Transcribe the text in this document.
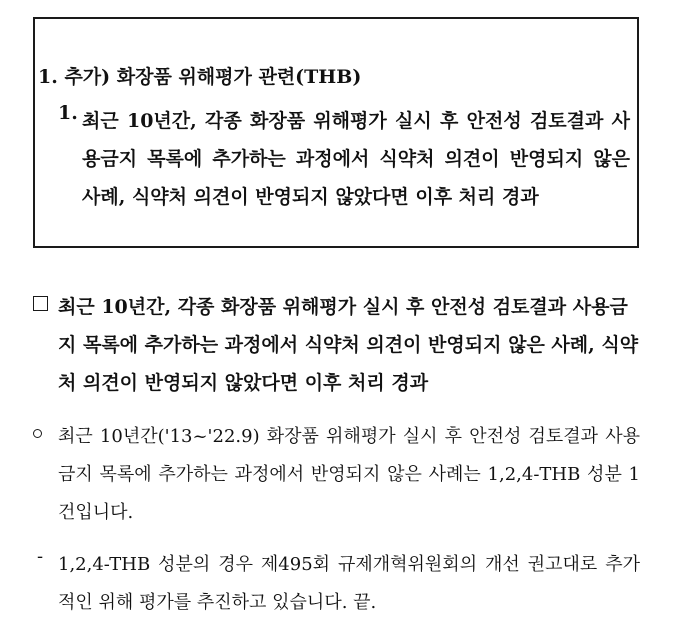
1. 추가) 화장품 위해평가 관련(THB)
1. 최근 10년간, 각종 화장품 위해평가 실시 후 안전성 검토결과 사용금지 목록에 추가하는 과정에서 식약처 의견이 반영되지 않은 사례, 식약처 의견이 반영되지 않았다면 이후 처리 경과
최근 10년간, 각종 화장품 위해평가 실시 후 안전성 검토결과 사용금지 목록에 추가하는 과정에서 식약처 의견이 반영되지 않은 사례, 식약처 의견이 반영되지 않았다면 이후 처리 경과
최근 10년간('13~'22.9) 화장품 위해평가 실시 후 안전성 검토결과 사용금지 목록에 추가하는 과정에서 반영되지 않은 사례는 1,2,4-THB 성분 1건입니다.
- 1,2,4-THB 성분의 경우 제495회 규제개혁위원회의 개선 권고대로 추가적인 위해 평가를 추진하고 있습니다. 끝.
